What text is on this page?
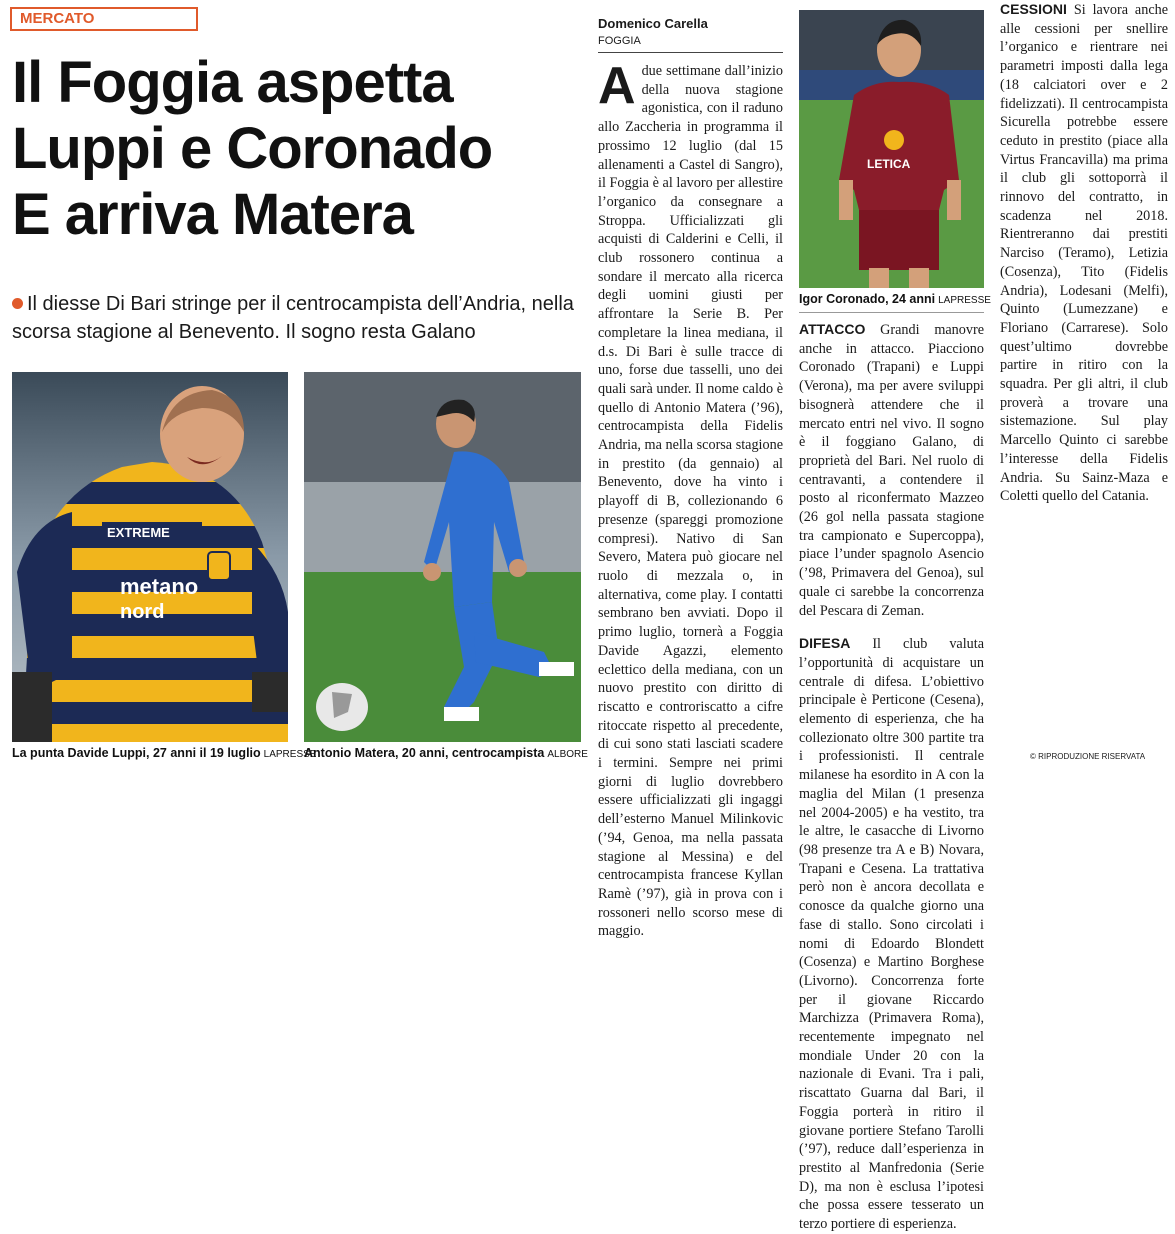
MERCATO
Il Foggia aspetta
Luppi e Coronado
E arriva Matera
Il diesse Di Bari stringe per il centrocampista dell’Andria, nella scorsa stagione al Benevento. Il sogno resta Galano
EXTREME
metano
nord
La punta Davide Luppi, 27 anni il 19 luglio LAPRESSE
Antonio Matera, 20 anni, centrocampista ALBORE
Domenico Carella
FOGGIA

Adue settimane dall’inizio della nuova stagione agonistica, con il raduno allo Zaccheria in programma il prossimo 12 luglio (dal 15 allenamenti a Castel di Sangro), il Foggia è al lavoro per allestire l’organico da consegnare a Stroppa. Ufficializzati gli acquisti di Calderini e Celli, il club rossonero continua a sondare il mercato alla ricerca degli uomini giusti per affrontare la Serie B. Per completare la linea mediana, il d.s. Di Bari è sulle tracce di uno, forse due tasselli, uno dei quali sarà under. Il nome caldo è quello di Antonio Matera (’96), centrocampista della Fidelis Andria, ma nella scorsa stagione in prestito (da gennaio) al Benevento, dove ha vinto i playoff di B, collezionando 6 presenze (spareggi promozione compresi). Nativo di San Severo, Matera può giocare nel ruolo di mezzala o, in alternativa, come play. I contatti sembrano ben avviati. Dopo il primo luglio, tornerà a Foggia Davide Agazzi, elemento eclettico della mediana, con un nuovo prestito con diritto di riscatto e controriscatto a cifre ritoccate rispetto al precedente, di cui sono stati lasciati scadere i termini. Sempre nei primi giorni di luglio dovrebbero essere ufficializzati gli ingaggi dell’esterno Manuel Milinkovic (’94, Genoa, ma nella passata stagione al Messina) e del centrocampista francese Kyllan Ramè (’97), già in prova con i rossoneri nello scorso mese di maggio.

LETICA
Igor Coronado, 24 anni LAPRESSE

ATTACCO Grandi manovre anche in attacco. Piacciono Coronado (Trapani) e Luppi (Verona), ma per avere sviluppi bisognerà attendere che il mercato entri nel vivo. Il sogno è il foggiano Galano, di proprietà del Bari. Nel ruolo di centravanti, a contendere il posto al riconfermato Mazzeo (26 gol nella passata stagione tra campionato e Supercoppa), piace l’under spagnolo Asencio (’98, Primavera del Genoa), sul quale ci sarebbe la concorrenza del Pescara di Zeman.

DIFESA Il club valuta l’opportunità di acquistare un centrale di difesa. L’obiettivo principale è Perticone (Cesena), elemento di esperienza, che ha collezionato oltre 300 partite tra i professionisti. Il centrale milanese ha esordito in A con la maglia del Milan (1 presenza nel 2004-2005) e ha vestito, tra le altre, le casacche di Livorno (98 presenze tra A e B) Novara, Trapani e Cesena. La trattativa però non è ancora decollata e conosce da qualche giorno una fase di stallo. Sono circolati i nomi di Edoardo Blondett (Cosenza) e Martino Borghese (Livorno). Concorrenza forte per il giovane Riccardo Marchizza (Primavera Roma), recentemente impegnato nel mondiale Under 20 con la nazionale di Evani. Tra i pali, riscattato Guarna dal Bari, il Foggia porterà in ritiro il giovane portiere Stefano Tarolli (’97), reduce dall’esperienza in prestito al Manfredonia (Serie D), ma non è esclusa l’ipotesi che possa essere tesserato un terzo portiere di esperienza.

CESSIONI Si lavora anche alle cessioni per snellire l’organico e rientrare nei parametri imposti dalla lega (18 calciatori over e 2 fidelizzati). Il centrocampista Sicurella potrebbe essere ceduto in prestito (piace alla Virtus Francavilla) ma prima il club gli sottoporrà il rinnovo del contratto, in scadenza nel 2018. Rientreranno dai prestiti Narciso (Teramo), Letizia (Cosenza), Tito (Fidelis Andria), Lodesani (Melfi), Quinto (Lumezzane) e Floriano (Carrarese). Solo quest’ultimo dovrebbe partire in ritiro con la squadra. Per gli altri, il club proverà a trovare una sistemazione. Sul play Marcello Quinto ci sarebbe l’interesse della Fidelis Andria. Su Sainz-Maza e Coletti quello del Catania.

© RIPRODUZIONE RISERVATA
